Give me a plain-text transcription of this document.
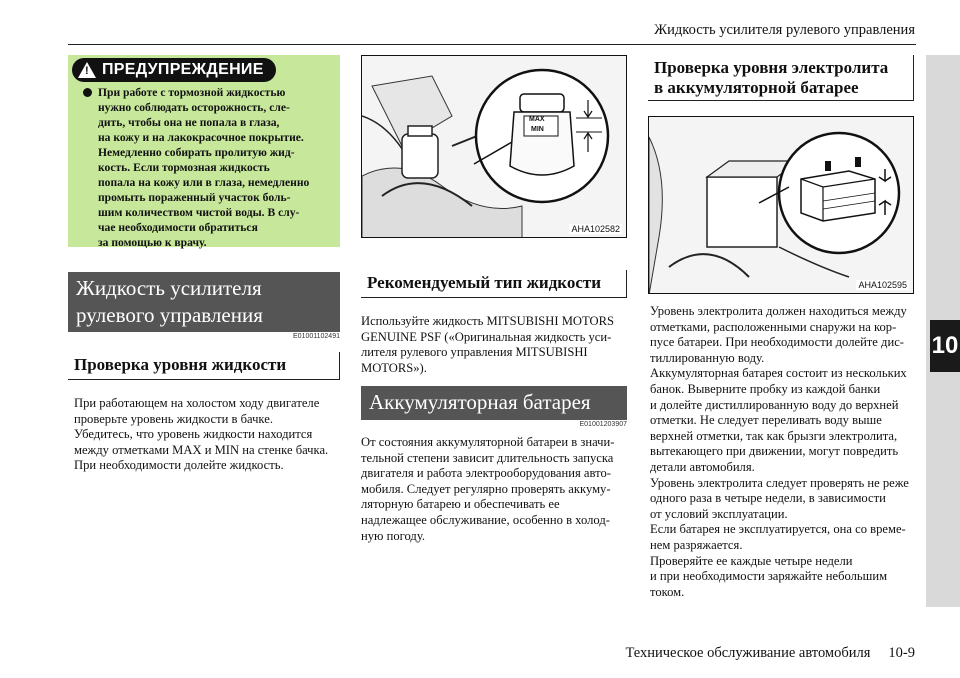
Жидкость усилителя рулевого управления
10
!
ПРЕДУПРЕЖДЕНИЕ
При работе с тормозной жидкостью
нужно соблюдать осторожность, сле-
дить, чтобы она не попала в глаза,
на кожу и на лакокрасочное покрытие.
Немедленно собирать пролитую жид-
кость. Если тормозная жидкость
попала на кожу или в глаза, немедленно
промыть пораженный участок боль-
шим количеством чистой воды. В слу-
чае необходимости обратиться
за помощью к врачу.
Жидкость усилителя
рулевого управления
E01001102491
Проверка уровня жидкости

При работающем на холостом ходу двигателе

проверьте уровень жидкости в бачке.

Убедитесь, что уровень жидкости находится

между отметками MAX и MIN на стенке бачка.

При необходимости долейте жидкость.

MAX
MIN
AHA102582
Рекомендуемый тип жидкости

Используйте жидкость MITSUBISHI MOTORS

GENUINE PSF («Оригинальная жидкость уси-

лителя рулевого управления MITSUBISHI

MOTORS»).

Аккумуляторная батарея
E01001203907

От состояния аккумуляторной батареи в значи-

тельной степени зависит длительность запуска

двигателя и работа электрооборудования авто-

мобиля. Следует регулярно проверять аккуму-

ляторную батарею и обеспечивать ее

надлежащее обслуживание, особенно в холод-

ную погоду.

Проверка уровня электролита
в аккумуляторной батарее
AHA102595

Уровень электролита должен находиться между

отметками, расположенными снаружи на кор-

пусе батареи. При необходимости долейте дис-

тиллированную воду.

Аккумуляторная батарея состоит из нескольких

банок. Выверните пробку из каждой банки

и долейте дистиллированную воду до верхней

отметки. Не следует переливать воду выше

верхней отметки, так как брызги электролита,

вытекающего при движении, могут повредить

детали автомобиля.

Уровень электролита следует проверять не реже

одного раза в четыре недели, в зависимости

от условий эксплуатации.

Если батарея не эксплуатируется, она со време-

нем разряжается.

Проверяйте ее каждые четыре недели

и при необходимости заряжайте небольшим

током.

Техническое обслуживание автомобиля 10-9
